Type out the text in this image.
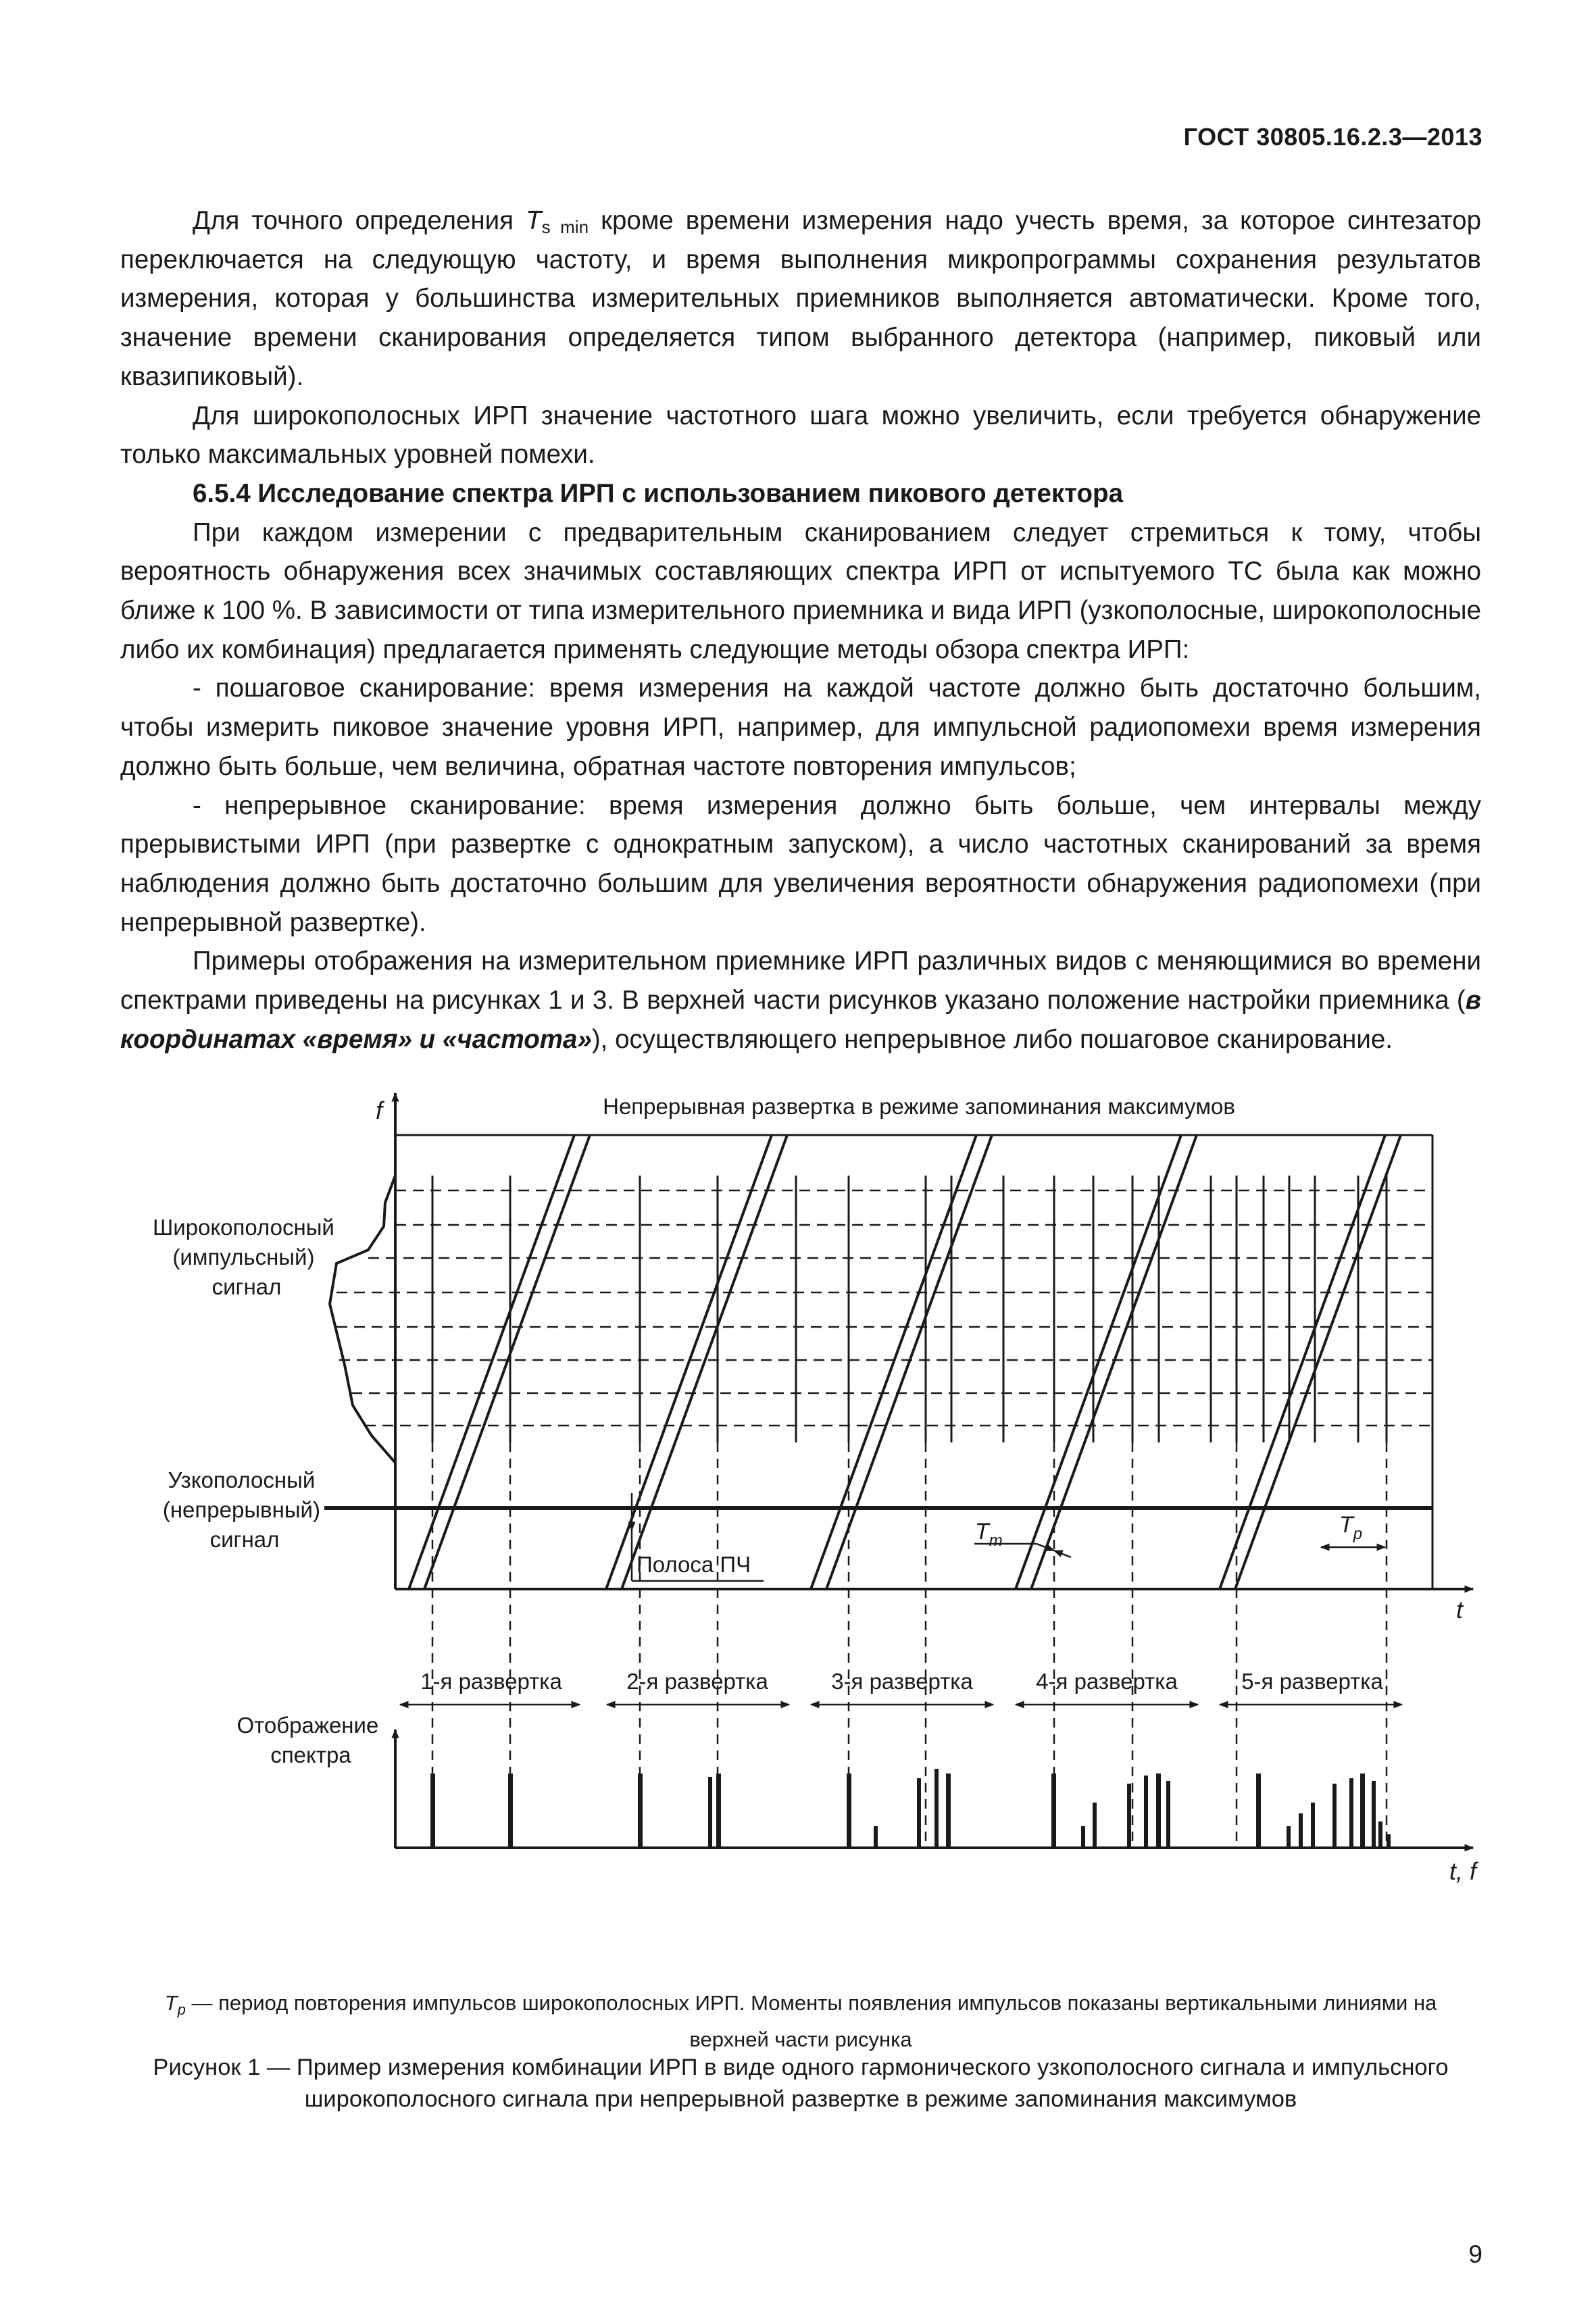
ГОСТ 30805.16.2.3—2013

Для точного определения $T_{s min}$ кроме времени измерения надо учесть время, за которое синтезатор переключается на следующую частоту, и время выполнения микропрограммы сохранения результатов измерения, которая у большинства измерительных приемников выполняется автоматически. Кроме того, значение времени сканирования определяется типом выбранного детектора (например, пиковый или квазипиковый).

Для широкополосных ИРП значение частотного шага можно увеличить, если требуется обнаружение только максимальных уровней помехи.

6.5.4 Исследование спектра ИРП с использованием пикового детектора

При каждом измерении с предварительным сканированием следует стремиться к тому, чтобы вероятность обнаружения всех значимых составляющих спектра ИРП от испытуемого ТС была как можно ближе к 100 %. В зависимости от типа измерительного приемника и вида ИРП (узкополосные, широкополосные либо их комбинация) предлагается применять следующие методы обзора спектра ИРП:

- пошаговое сканирование: время измерения на каждой частоте должно быть достаточно большим, чтобы измерить пиковое значение уровня ИРП, например, для импульсной радиопомехи время измерения должно быть больше, чем величина, обратная частоте повторения импульсов;

- непрерывное сканирование: время измерения должно быть больше, чем интервалы между прерывистыми ИРП (при развертке с однократным запуском), а число частотных сканирований за время наблюдения должно быть достаточно большим для увеличения вероятности обнаружения радиопомехи (при непрерывной развертке).

Примеры отображения на измерительном приемнике ИРП различных видов с меняющимися во времени спектрами приведены на рисунках 1 и 3. В верхней части рисунков указано положение настройки приемника (в координатах «время» и «частота»), осуществляющего непрерывное либо пошаговое сканирование.

Непрерывная развертка в режиме запоминания максимумов
f
t
Широкополосный (импульсный) сигнал
Узкополосный (непрерывный) сигнал
Полоса ПЧ
$T_m$
$T_p$
1-я развертка	2-я развертка	3-я развертка	4-я развертка	5-я развертка
t, f
Отображение спектра
$T_p$ — период повторения импульсов широкополосных ИРП. Моменты появления импульсов показаны вертикальными линиями на верхней части рисунка
Рисунок 1 — Пример измерения комбинации ИРП в виде одного гармонического узкополосного сигнала и импульсного широкополосного сигнала при непрерывной развертке в режиме запоминания максимумов
9
